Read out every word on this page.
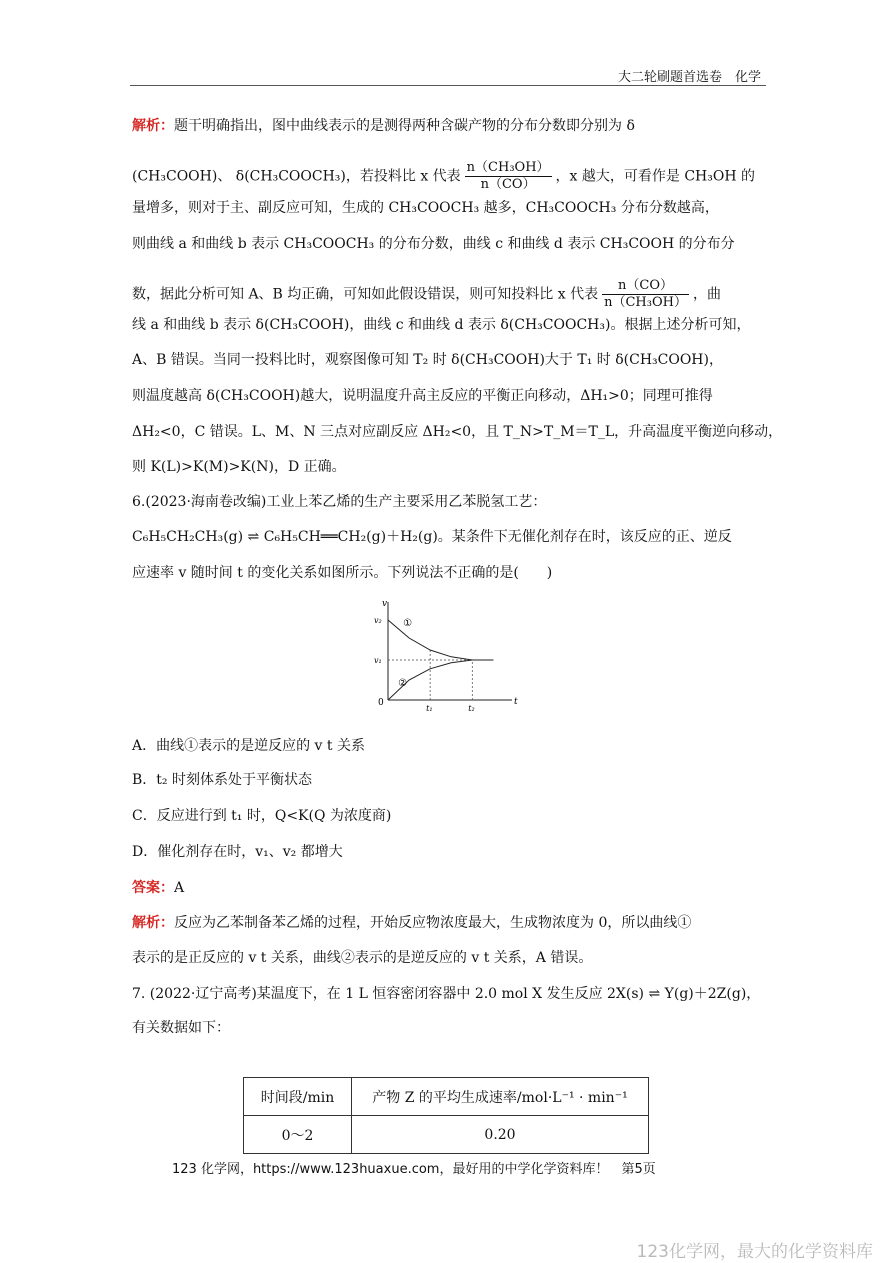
大二轮刷题首选卷　化学
解析：题干明确指出，图中曲线表示的是测得两种含碳产物的分布分数即分别为 δ
(CH₃COOH)、 δ(CH₃COOCH₃)，若投料比 x 代表 $\frac{\text{n（CH₃OH）}}{n(CO)}$ ，x 越大，可看作是 CH₃OH 的
量增多，则对于主、副反应可知，生成的 CH₃COOCH₃ 越多，CH₃COOCH₃ 分布分数越高，
则曲线 a 和曲线 b 表示 CH₃COOCH₃ 的分布分数，曲线 c 和曲线 d 表示 CH₃COOH 的分布分
数，据此分析可知 A、B 均正确，可知如此假设错误，则可知投料比 x 代表 $\frac{n(CO)}{\text{n（CH₃OH）}}$ ，曲
线 a 和曲线 b 表示 δ(CH₃COOH)，曲线 c 和曲线 d 表示 δ(CH₃COOCH₃)。根据上述分析可知，
A、B 错误。当同一投料比时，观察图像可知 T₂ 时 δ(CH₃COOH)大于 T₁ 时 δ(CH₃COOH)，
则温度越高 δ(CH₃COOH)越大，说明温度升高主反应的平衡正向移动，ΔH₁>0；同理可推得
ΔH₂<0，C 错误。L、M、N 三点对应副反应 ΔH₂<0，且 T_N>T_M＝T_L，升高温度平衡逆向移动，
则 K(L)>K(M)>K(N)，D 正确。
6.(2023·海南卷改编)工业上苯乙烯的生产主要采用乙苯脱氢工艺：
C₆H₅CH₂CH₃(g) ⇌ C₆H₅CH══CH₂(g)＋H₂(g)。某条件下无催化剂存在时，该反应的正、逆反
应速率 v 随时间 t 的变化关系如图所示。下列说法不正确的是(　　)
t
v
0
v₂
v₁
t₁	t₂
①
②
A．曲线①表示的是逆反应的 v t 关系
B．t₂ 时刻体系处于平衡状态
C．反应进行到 t₁ 时，Q<K(Q 为浓度商)
D．催化剂存在时，v₁、v₂ 都增大
答案：A
解析：反应为乙苯制备苯乙烯的过程，开始反应物浓度最大，生成物浓度为 0，所以曲线①
表示的是正反应的 v t 关系，曲线②表示的是逆反应的 v t 关系，A 错误。
7. (2022·辽宁高考)某温度下，在 1 L 恒容密闭容器中 2.0 mol X 发生反应 2X(s) ⇌ Y(g)＋2Z(g)，
有关数据如下：
时间段/min	产物 Z 的平均生成速率/mol·L⁻¹ · min⁻¹
0～2	0.20
123 化学网，https://www.123huaxue.com，最好用的中学化学资料库！　第5页
123化学网，最大的化学资料库
